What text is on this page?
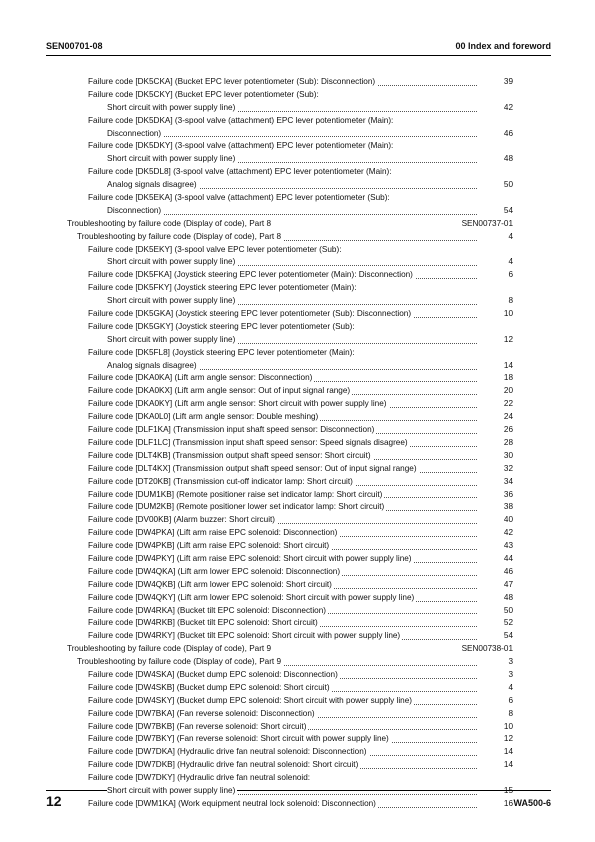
SEN00701-08	00 Index and foreword
Failure code [DK5CKA] (Bucket EPC lever potentiometer (Sub): Disconnection)	39
Failure code [DK5CKY] (Bucket EPC lever potentiometer (Sub):
Short circuit with power supply line)	42
Failure code [DK5DKA] (3-spool valve (attachment) EPC lever potentiometer (Main):
Disconnection)	46
Failure code [DK5DKY] (3-spool valve (attachment) EPC lever potentiometer (Main):
Short circuit with power supply line)	48
Failure code [DK5DL8] (3-spool valve (attachment) EPC lever potentiometer (Main):
Analog signals disagree)	50
Failure code [DK5EKA] (3-spool valve (attachment) EPC lever potentiometer (Sub):
Disconnection)	54
Troubleshooting by failure code (Display of code), Part 8	SEN00737-01
Troubleshooting by failure code (Display of code), Part 8	4
Failure code [DK5EKY] (3-spool valve EPC lever potentiometer (Sub):
Short circuit with power supply line)	4
Failure code [DK5FKA] (Joystick steering EPC lever potentiometer (Main): Disconnection)	6
Failure code [DK5FKY] (Joystick steering EPC lever potentiometer (Main):
Short circuit with power supply line)	8
Failure code [DK5GKA] (Joystick steering EPC lever potentiometer (Sub): Disconnection)	10
Failure code [DK5GKY] (Joystick steering EPC lever potentiometer (Sub):
Short circuit with power supply line)	12
Failure code [DK5FL8] (Joystick steering EPC lever potentiometer (Main):
Analog signals disagree)	14
Failure code [DKA0KA] (Lift arm angle sensor: Disconnection)	18
Failure code [DKA0KX] (Lift arm angle sensor: Out of input signal range)	20
Failure code [DKA0KY] (Lift arm angle sensor: Short circuit with power supply line)	22
Failure code [DKA0L0] (Lift arm angle sensor: Double meshing)	24
Failure code [DLF1KA] (Transmission input shaft speed sensor: Disconnection)	26
Failure code [DLF1LC] (Transmission input shaft speed sensor: Speed signals disagree)	28
Failure code [DLT4KB] (Transmission output shaft speed sensor: Short circuit)	30
Failure code [DLT4KX] (Transmission output shaft speed sensor: Out of input signal range)	32
Failure code [DT20KB] (Transmission cut-off indicator lamp: Short circuit)	34
Failure code [DUM1KB] (Remote positioner raise set indicator lamp: Short circuit)	36
Failure code [DUM2KB] (Remote positioner lower set indicator lamp: Short circuit)	38
Failure code [DV00KB] (Alarm buzzer: Short circuit)	40
Failure code [DW4PKA] (Lift arm raise EPC solenoid: Disconnection)	42
Failure code [DW4PKB] (Lift arm raise EPC solenoid: Short circuit)	43
Failure code [DW4PKY] (Lift arm raise EPC solenoid: Short circuit with power supply line)	44
Failure code [DW4QKA] (Lift arm lower EPC solenoid: Disconnection)	46
Failure code [DW4QKB] (Lift arm lower EPC solenoid: Short circuit)	47
Failure code [DW4QKY] (Lift arm lower EPC solenoid: Short circuit with power supply line)	48
Failure code [DW4RKA] (Bucket tilt EPC solenoid: Disconnection)	50
Failure code [DW4RKB] (Bucket tilt EPC solenoid: Short circuit)	52
Failure code [DW4RKY] (Bucket tilt EPC solenoid: Short circuit with power supply line)	54
Troubleshooting by failure code (Display of code), Part 9	SEN00738-01
Troubleshooting by failure code (Display of code), Part 9	3
Failure code [DW4SKA] (Bucket dump EPC solenoid: Disconnection)	3
Failure code [DW4SKB] (Bucket dump EPC solenoid: Short circuit)	4
Failure code [DW4SKY] (Bucket dump EPC solenoid: Short circuit with power supply line)	6
Failure code [DW7BKA] (Fan reverse solenoid: Disconnection)	8
Failure code [DW7BKB] (Fan reverse solenoid: Short circuit)	10
Failure code [DW7BKY] (Fan reverse solenoid: Short circuit with power supply line)	12
Failure code [DW7DKA] (Hydraulic drive fan neutral solenoid: Disconnection)	14
Failure code [DW7DKB] (Hydraulic drive fan neutral solenoid: Short circuit)	14
Failure code [DW7DKY] (Hydraulic drive fan neutral solenoid:
Short circuit with power supply line)	15
Failure code [DWM1KA] (Work equipment neutral lock solenoid: Disconnection)	16
12	WA500-6
